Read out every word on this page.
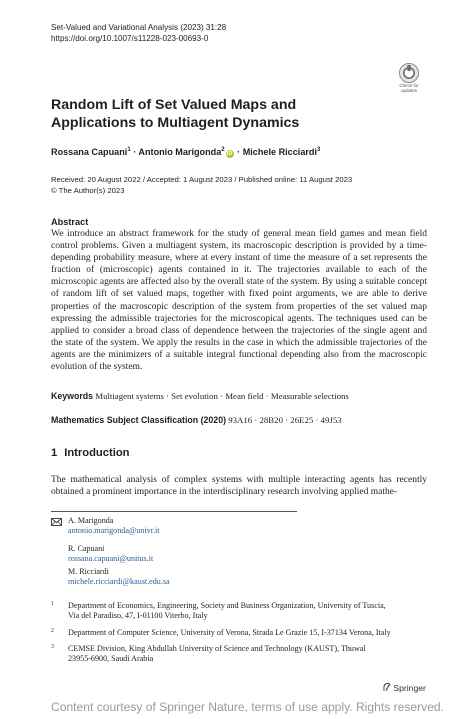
Set-Valued and Variational Analysis (2023) 31:28
https://doi.org/10.1007/s11228-023-00693-0
Check for
updates
Random Lift of Set Valued Maps and Applications to Multiagent Dynamics
Rossana Capuani$^1$ · Antonio Marigonda$^2$iD · Michele Ricciardi$^3$
Received: 20 August 2022 / Accepted: 1 August 2023 / Published online: 11 August 2023
© The Author(s) 2023
Abstract

We introduce an abstract framework for the study of general mean field games and mean field control problems. Given a multiagent system, its macroscopic description is provided by a time-depending probability measure, where at every instant of time the measure of a set represents the fraction of (microscopic) agents contained in it. The trajectories available to each of the microscopic agents are affected also by the overall state of the system. By using a suitable concept of random lift of set valued maps, together with fixed point arguments, we are able to derive properties of the macroscopic description of the system from properties of the set valued map expressing the admissible trajectories for the microscopical agents. The techniques used can be applied to consider a broad class of dependence between the trajectories of the single agent and the state of the system. We apply the results in the case in which the admissible trajectories of the agents are the minimizers of a suitable integral functional depending also from the macroscopic evolution of the system.

Keywords Multiagent systems · Set evolution · Mean field · Measurable selections
Mathematics Subject Classification (2020) 93A16 · 28B20 · 26E25 · 49J53
1 Introduction

The mathematical analysis of complex systems with multiple interacting agents has recently obtained a prominent importance in the interdisciplinary research involving applied mathe-

A. Marigonda
antonio.marigonda@univr.it
R. Capuani
rossana.capuani@unitus.it
M. Ricciardi
michele.ricciardi@kaust.edu.sa
1 Department of Economics, Engineering, Society and Business Organization, University of Tuscia,
Via del Paradiso, 47, I-01100 Viterbo, Italy
2 Department of Computer Science, University of Verona, Strada Le Grazie 15, I-37134 Verona, Italy
3 CEMSE Division, King Abdullah University of Science and Technology (KAUST), Thuwal
23955-6900, Saudi Arabia
Springer
Content courtesy of Springer Nature, terms of use apply. Rights reserved.
